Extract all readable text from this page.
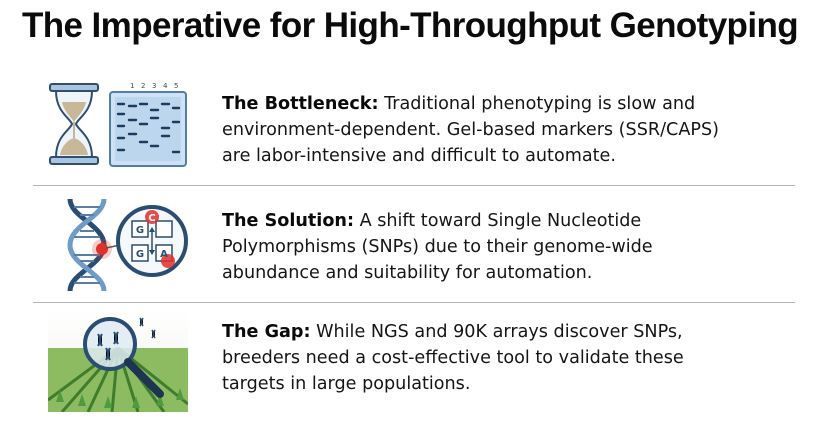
The Imperative for High-Throughput Genotyping
1 2 3 4 5
The Bottleneck: Traditional phenotyping is slow and
environment-dependent. Gel-based markers (SSR/CAPS)
are labor-intensive and difficult to automate.
C
G
G A
The Solution: A shift toward Single Nucleotide
Polymorphisms (SNPs) due to their genome-wide
abundance and suitability for automation.
The Gap: While NGS and 90K arrays discover SNPs,
breeders need a cost-effective tool to validate these
targets in large populations.
